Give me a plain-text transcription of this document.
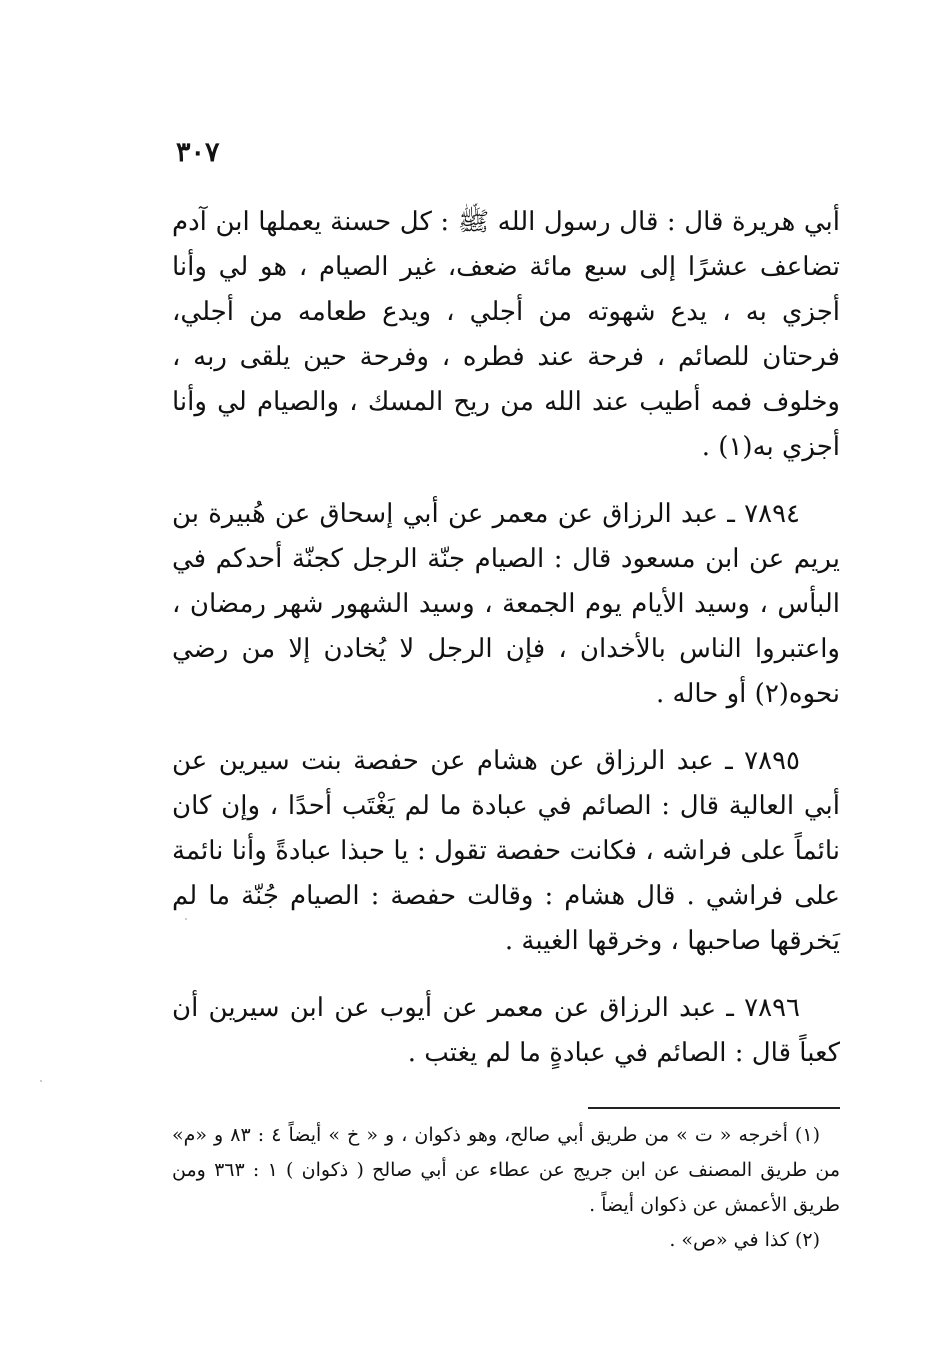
٣٠٧

أبي هريرة قال : قال رسول الله ﷺ : كل حسنة يعملها ابن آدم تضاعف عشرًا إلى سبع مائة ضعف، غير الصيام ، هو لي وأنا أجزي به ، يدع شهوته من أجلي ، ويدع طعامه من أجلي، فرحتان للصائم ، فرحة عند فطره ، وفرحة حين يلقى ربه ، وخلوف فمه أطيب عند الله من ريح المسك ، والصيام لي وأنا أجزي به(١) .

٧٨٩٤ ـ عبد الرزاق عن معمر عن أبي إسحاق عن هُبيرة بن يريم عن ابن مسعود قال : الصيام جنّة الرجل كجنّة أحدكم في البأس ، وسيد الأيام يوم الجمعة ، وسيد الشهور شهر رمضان ، واعتبروا الناس بالأخدان ، فإن الرجل لا يُخادن إلا من رضي نحوه(٢) أو حاله .

٧٨٩٥ ـ عبد الرزاق عن هشام عن حفصة بنت سيرين عن أبي العالية قال : الصائم في عبادة ما لم يَغْتَب أحدًا ، وإن كان نائماً على فراشه ، فكانت حفصة تقول : يا حبذا عبادةً وأنا نائمة على فراشي . قال هشام : وقالت حفصة : الصيام جُنّة ما لم يَخرقها صاحبها ، وخرقها الغيبة .

٧٨٩٦ ـ عبد الرزاق عن معمر عن أيوب عن ابن سيرين أن كعباً قال : الصائم في عبادةٍ ما لم يغتب .

(١) أخرجه « ت » من طريق أبي صالح، وهو ذكوان ، و « خ » أيضاً ٤ : ٨٣ و «م» من طريق المصنف عن ابن جريج عن عطاء عن أبي صالح ( ذكوان ) ١ : ٣٦٣ ومن طريق الأعمش عن ذكوان أيضاً .

(٢) كذا في «ص» .
